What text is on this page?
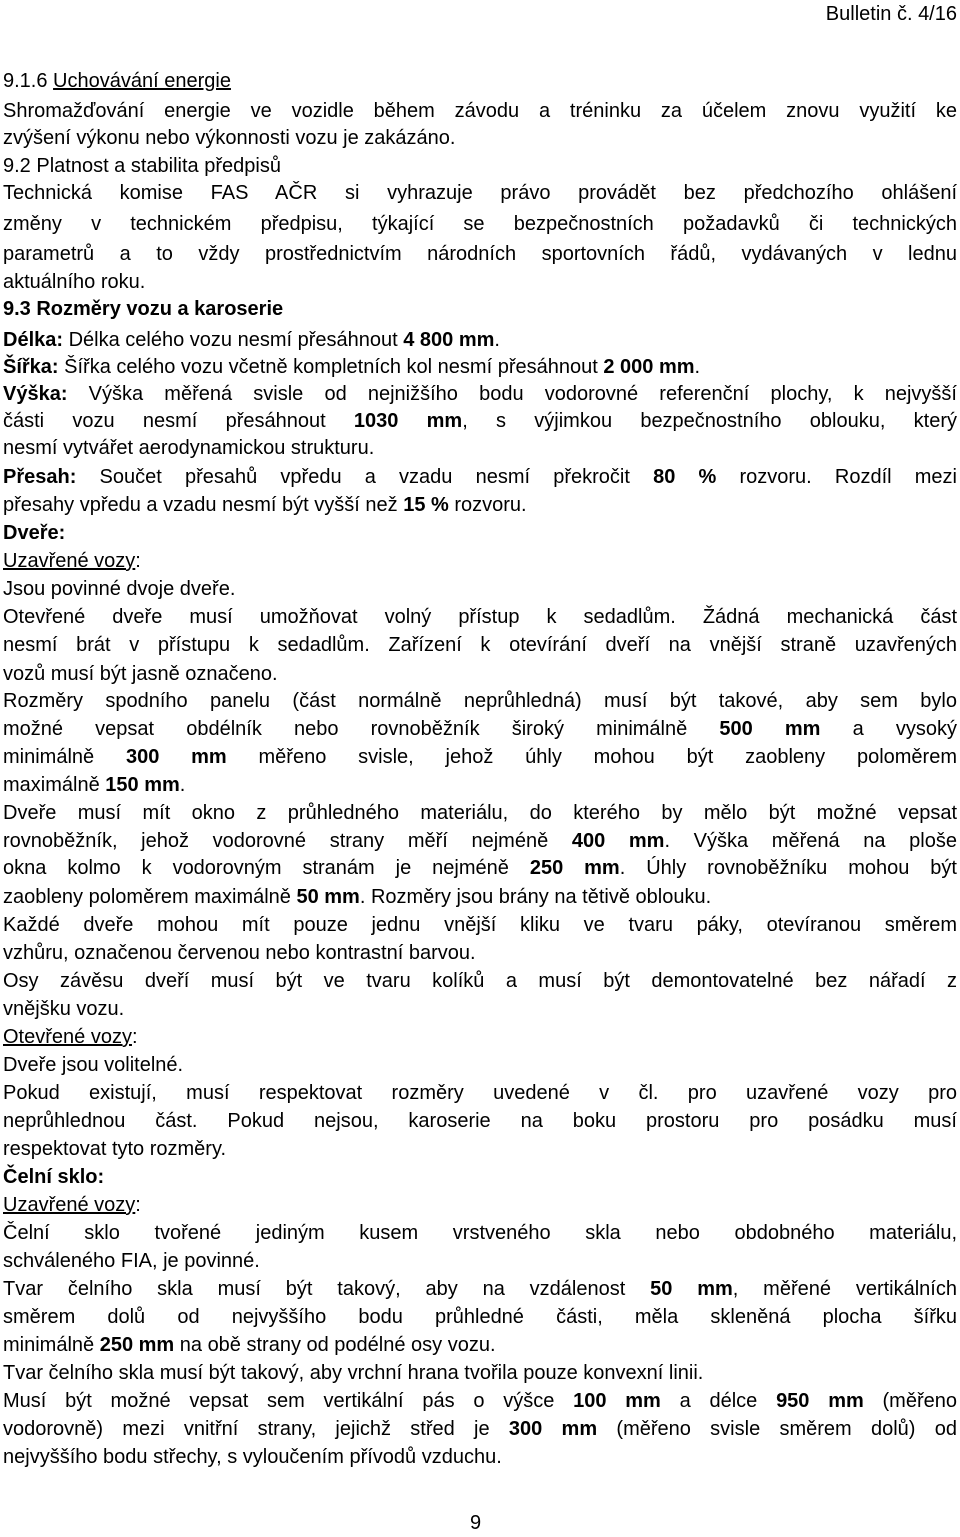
Bulletin č. 4/16

9.1.6 Uchovávání energie

Shromažďování energie ve vozidle během závodu a tréninku za účelem znovu využití ke

zvýšení výkonu nebo výkonnosti vozu je zakázáno.

9.2 Platnost a stabilita předpisů

Technická komise FAS AČR si vyhrazuje právo provádět bez předchozího ohlášení

změny v technickém předpisu, týkající se bezpečnostních požadavků či technických

parametrů a to vždy prostřednictvím národních sportovních řádů, vydávaných v lednu

aktuálního roku.

9.3 Rozměry vozu a karoserie

Délka: Délka celého vozu nesmí přesáhnout 4 800 mm.

Šířka: Šířka celého vozu včetně kompletních kol nesmí přesáhnout 2 000 mm.

Výška: Výška měřená svisle od nejnižšího bodu vodorovné referenční plochy, k nejvyšší

části vozu nesmí přesáhnout 1030 mm, s výjimkou bezpečnostního oblouku, který

nesmí vytvářet aerodynamickou strukturu.

Přesah: Součet přesahů vpředu a vzadu nesmí překročit 80 % rozvoru. Rozdíl mezi

přesahy vpředu a vzadu nesmí být vyšší než 15 % rozvoru.

Dveře:

Uzavřené vozy:

Jsou povinné dvoje dveře.

Otevřené dveře musí umožňovat volný přístup k sedadlům. Žádná mechanická část

nesmí brát v přístupu k sedadlům. Zařízení k otevírání dveří na vnější straně uzavřených

vozů musí být jasně označeno.

Rozměry spodního panelu (část normálně neprůhledná) musí být takové, aby sem bylo

možné vepsat obdélník nebo rovnoběžník široký minimálně 500 mm a vysoký

minimálně 300 mm měřeno svisle, jehož úhly mohou být zaobleny poloměrem

maximálně 150 mm.

Dveře musí mít okno z průhledného materiálu, do kterého by mělo být možné vepsat

rovnoběžník, jehož vodorovné strany měří nejméně 400 mm. Výška měřená na ploše

okna kolmo k vodorovným stranám je nejméně 250 mm. Úhly rovnoběžníku mohou být

zaobleny poloměrem maximálně 50 mm. Rozměry jsou brány na tětivě oblouku.

Každé dveře mohou mít pouze jednu vnější kliku ve tvaru páky, otevíranou směrem

vzhůru, označenou červenou nebo kontrastní barvou.

Osy závěsu dveří musí být ve tvaru kolíků a musí být demontovatelné bez nářadí z

vnějšku vozu.

Otevřené vozy:

Dveře jsou volitelné.

Pokud existují, musí respektovat rozměry uvedené v čl. pro uzavřené vozy pro

neprůhlednou část. Pokud nejsou, karoserie na boku prostoru pro posádku musí

respektovat tyto rozměry.

Čelní sklo:

Uzavřené vozy:

Čelní sklo tvořené jediným kusem vrstveného skla nebo obdobného materiálu,

schváleného FIA, je povinné.

Tvar čelního skla musí být takový, aby na vzdálenost 50 mm, měřené vertikálních

směrem dolů od nejvyššího bodu průhledné části, měla skleněná plocha šířku

minimálně 250 mm na obě strany od podélné osy vozu.

Tvar čelního skla musí být takový, aby vrchní hrana tvořila pouze konvexní linii.

Musí být možné vepsat sem vertikální pás o výšce 100 mm a délce 950 mm (měřeno

vodorovně) mezi vnitřní strany, jejichž střed je 300 mm (měřeno svisle směrem dolů) od

nejvyššího bodu střechy, s vyloučením přívodů vzduchu.

9
